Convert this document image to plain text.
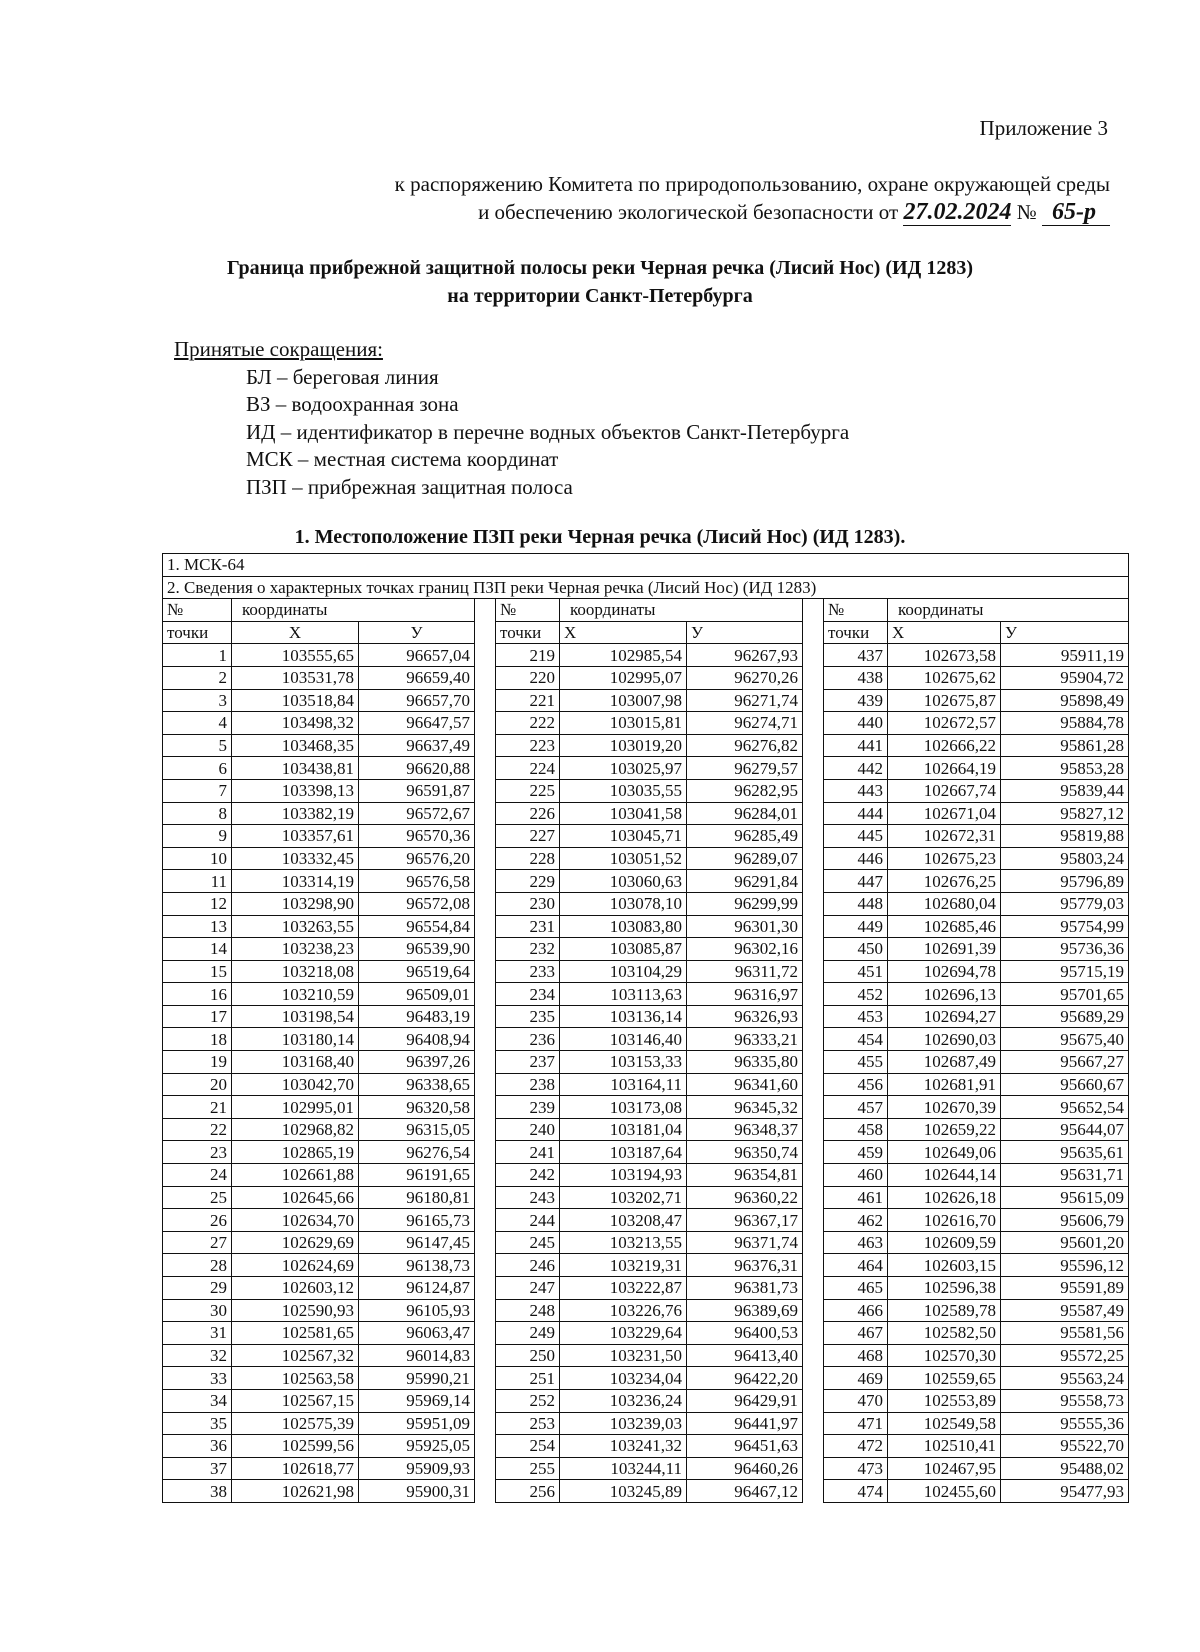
Приложение 3
к распоряжению Комитета по природопользованию, охране окружающей среды
и обеспечению экологической безопасности от 27.02.2024 № 65-р
Граница прибрежной защитной полосы реки Черная речка (Лисий Нос) (ИД 1283)
на территории Санкт-Петербурга
Принятые сокращения:
БЛ – береговая линия
ВЗ – водоохранная зона
ИД – идентификатор в перечне водных объектов Санкт-Петербурга
МСК – местная система координат
ПЗП – прибрежная защитная полоса
1. Местоположение ПЗП реки Черная речка (Лисий Нос) (ИД 1283).
1. МСК-64										
2. Сведения о характерных точках границ ПЗП реки Черная речка (Лисий Нос) (ИД 1283)										
№	координаты			№	координаты			№	координаты	
точки	X	У		точки	X	У		точки	X	У
1	103555,65	96657,04		219	102985,54	96267,93		437	102673,58	95911,19
2	103531,78	96659,40		220	102995,07	96270,26		438	102675,62	95904,72
3	103518,84	96657,70		221	103007,98	96271,74		439	102675,87	95898,49
4	103498,32	96647,57		222	103015,81	96274,71		440	102672,57	95884,78
5	103468,35	96637,49		223	103019,20	96276,82		441	102666,22	95861,28
6	103438,81	96620,88		224	103025,97	96279,57		442	102664,19	95853,28
7	103398,13	96591,87		225	103035,55	96282,95		443	102667,74	95839,44
8	103382,19	96572,67		226	103041,58	96284,01		444	102671,04	95827,12
9	103357,61	96570,36		227	103045,71	96285,49		445	102672,31	95819,88
10	103332,45	96576,20		228	103051,52	96289,07		446	102675,23	95803,24
11	103314,19	96576,58		229	103060,63	96291,84		447	102676,25	95796,89
12	103298,90	96572,08		230	103078,10	96299,99		448	102680,04	95779,03
13	103263,55	96554,84		231	103083,80	96301,30		449	102685,46	95754,99
14	103238,23	96539,90		232	103085,87	96302,16		450	102691,39	95736,36
15	103218,08	96519,64		233	103104,29	96311,72		451	102694,78	95715,19
16	103210,59	96509,01		234	103113,63	96316,97		452	102696,13	95701,65
17	103198,54	96483,19		235	103136,14	96326,93		453	102694,27	95689,29
18	103180,14	96408,94		236	103146,40	96333,21		454	102690,03	95675,40
19	103168,40	96397,26		237	103153,33	96335,80		455	102687,49	95667,27
20	103042,70	96338,65		238	103164,11	96341,60		456	102681,91	95660,67
21	102995,01	96320,58		239	103173,08	96345,32		457	102670,39	95652,54
22	102968,82	96315,05		240	103181,04	96348,37		458	102659,22	95644,07
23	102865,19	96276,54		241	103187,64	96350,74		459	102649,06	95635,61
24	102661,88	96191,65		242	103194,93	96354,81		460	102644,14	95631,71
25	102645,66	96180,81		243	103202,71	96360,22		461	102626,18	95615,09
26	102634,70	96165,73		244	103208,47	96367,17		462	102616,70	95606,79
27	102629,69	96147,45		245	103213,55	96371,74		463	102609,59	95601,20
28	102624,69	96138,73		246	103219,31	96376,31		464	102603,15	95596,12
29	102603,12	96124,87		247	103222,87	96381,73		465	102596,38	95591,89
30	102590,93	96105,93		248	103226,76	96389,69		466	102589,78	95587,49
31	102581,65	96063,47		249	103229,64	96400,53		467	102582,50	95581,56
32	102567,32	96014,83		250	103231,50	96413,40		468	102570,30	95572,25
33	102563,58	95990,21		251	103234,04	96422,20		469	102559,65	95563,24
34	102567,15	95969,14		252	103236,24	96429,91		470	102553,89	95558,73
35	102575,39	95951,09		253	103239,03	96441,97		471	102549,58	95555,36
36	102599,56	95925,05		254	103241,32	96451,63		472	102510,41	95522,70
37	102618,77	95909,93		255	103244,11	96460,26		473	102467,95	95488,02
38	102621,98	95900,31		256	103245,89	96467,12		474	102455,60	95477,93
